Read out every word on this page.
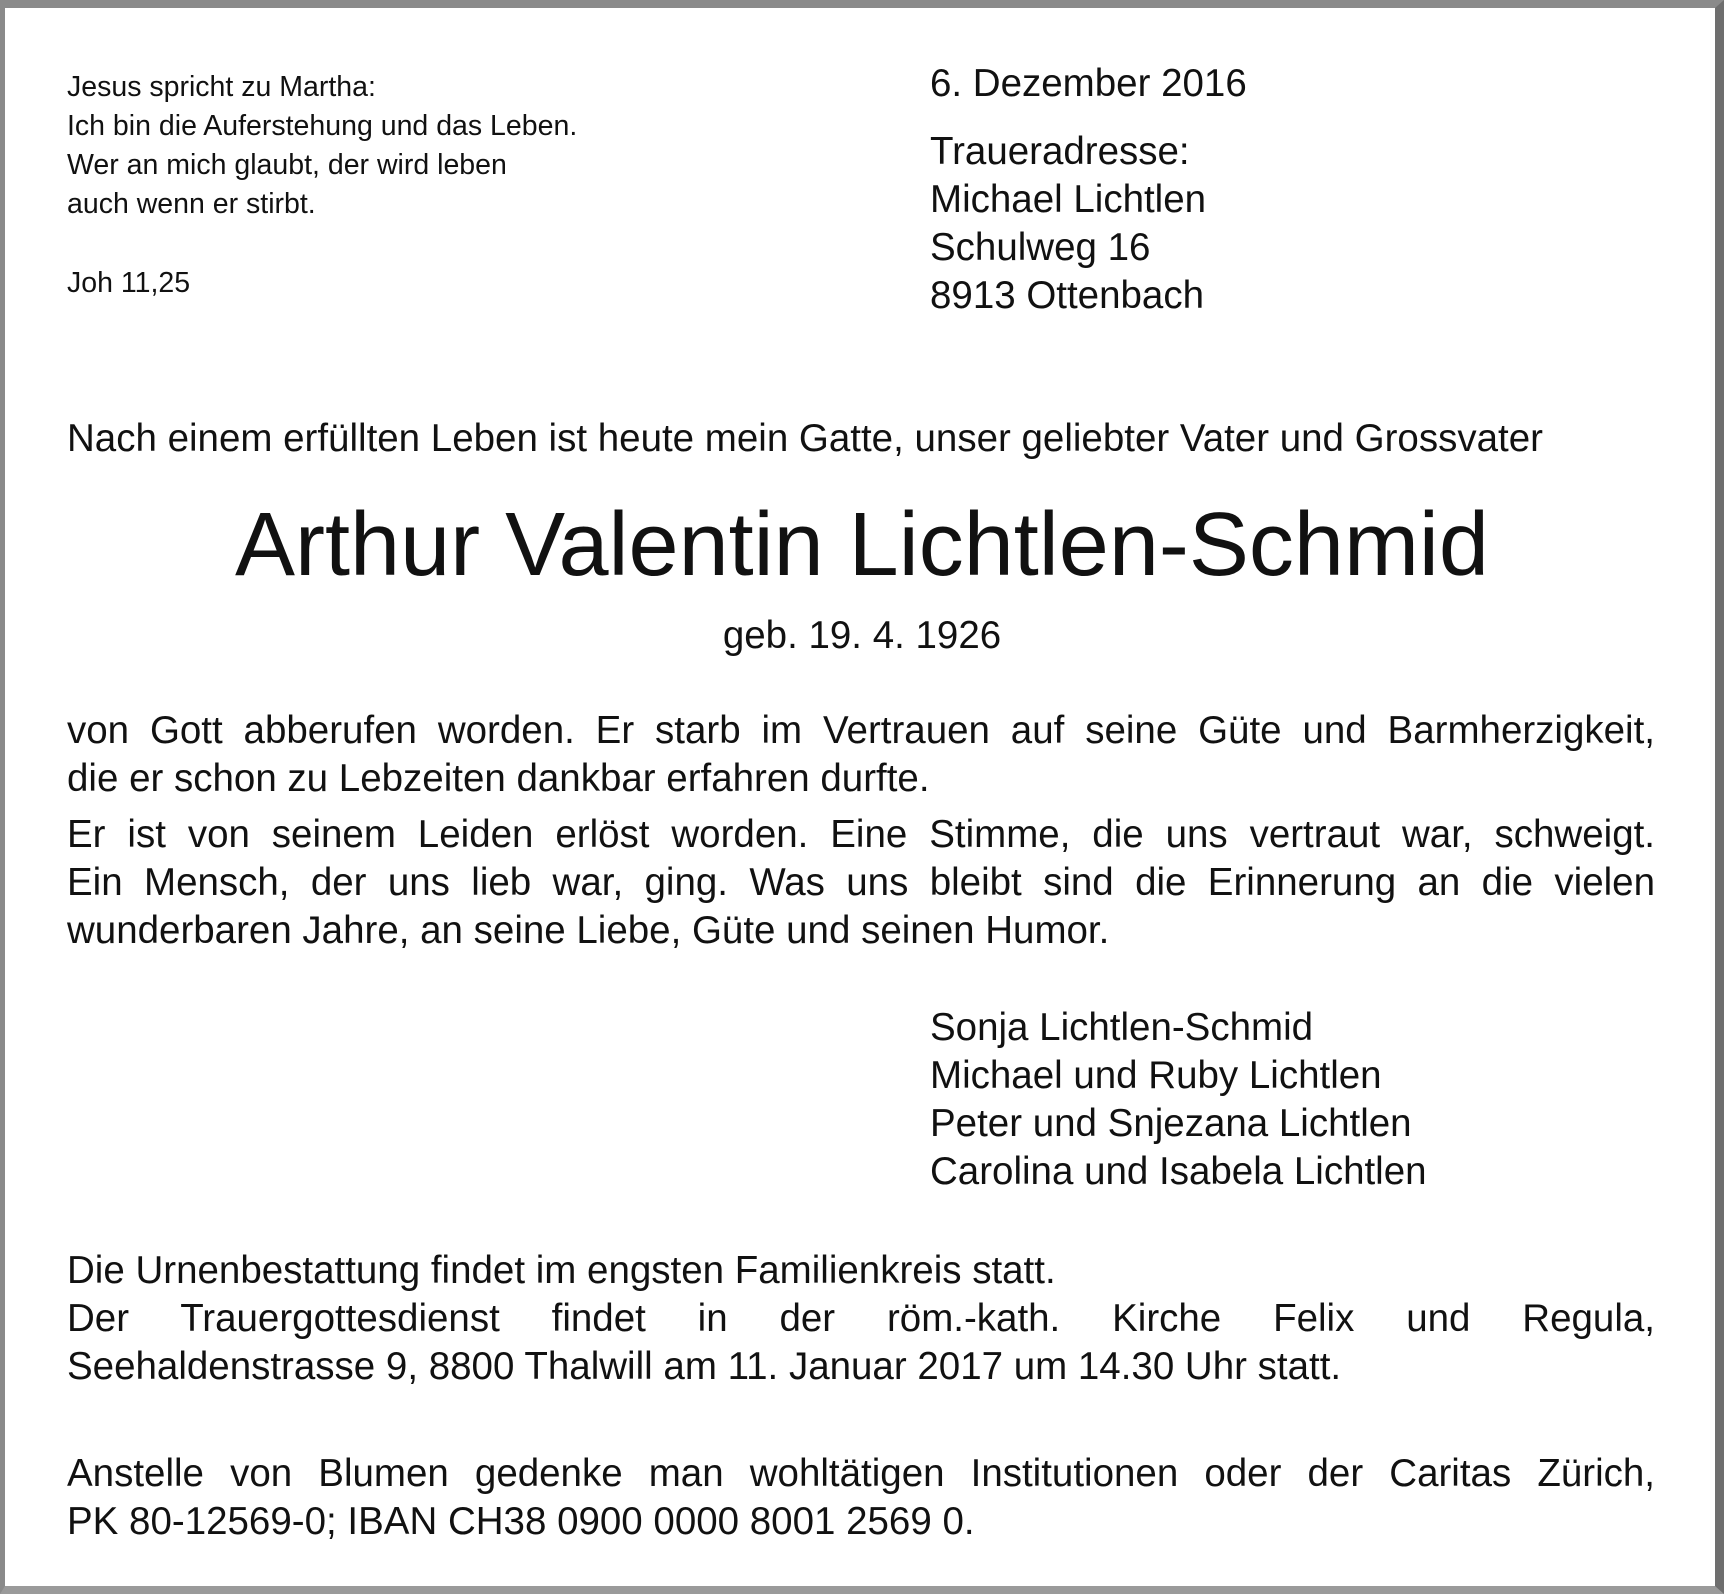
Jesus spricht zu Martha:
Ich bin die Auferstehung und das Leben.
Wer an mich glaubt, der wird leben
auch wenn er stirbt.
Joh 11,25
6. Dezember 2016
Traueradresse:
Michael Lichtlen
Schulweg 16
8913 Ottenbach
Nach einem erfüllten Leben ist heute mein Gatte, unser geliebter Vater und Grossvater
Arthur Valentin Lichtlen-Schmid
geb. 19. 4. 1926
von Gott abberufen worden. Er starb im Vertrauen auf seine Güte und Barmherzigkeit,
die er schon zu Lebzeiten dankbar erfahren durfte.
Er ist von seinem Leiden erlöst worden. Eine Stimme, die uns vertraut war, schweigt.
Ein Mensch, der uns lieb war, ging. Was uns bleibt sind die Erinnerung an die vielen
wunderbaren Jahre, an seine Liebe, Güte und seinen Humor.
Sonja Lichtlen-Schmid
Michael und Ruby Lichtlen
Peter und Snjezana Lichtlen
Carolina und Isabela Lichtlen
Die Urnenbestattung findet im engsten Familienkreis statt.
Der Trauergottesdienst findet in der röm.-kath. Kirche Felix und Regula,
Seehaldenstrasse 9, 8800 Thalwill am 11. Januar 2017 um 14.30 Uhr statt.
Anstelle von Blumen gedenke man wohltätigen Institutionen oder der Caritas Zürich,
PK 80-12569-0; IBAN CH38 0900 0000 8001 2569 0.
